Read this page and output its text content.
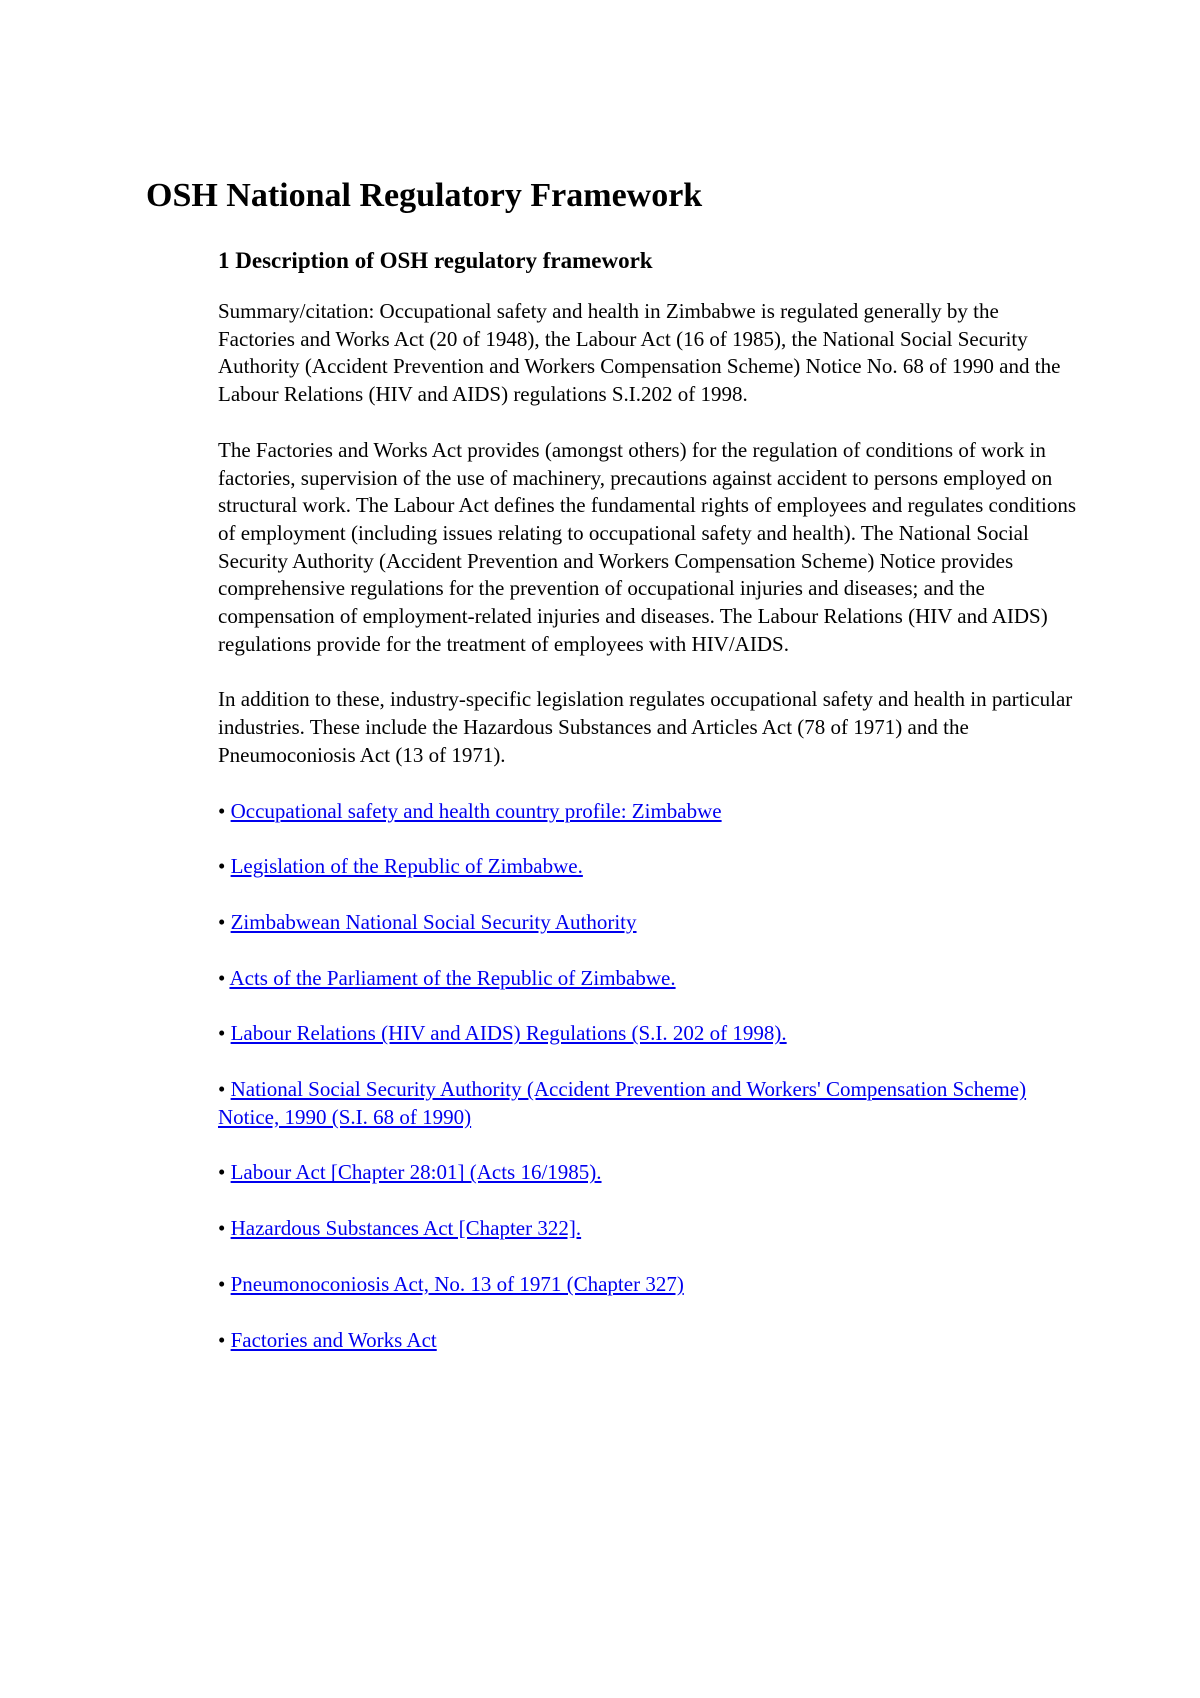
OSH National Regulatory Framework
1 Description of OSH regulatory framework

Summary/citation: Occupational safety and health in Zimbabwe is regulated generally by the Factories and Works Act (20 of 1948), the Labour Act (16 of 1985), the National Social Security Authority (Accident Prevention and Workers Compensation Scheme) Notice No. 68 of 1990 and the Labour Relations (HIV and AIDS) regulations S.I.202 of 1998.

The Factories and Works Act provides (amongst others) for the regulation of conditions of work in factories, supervision of the use of machinery, precautions against accident to persons employed on structural work. The Labour Act defines the fundamental rights of employees and regulates conditions of employment (including issues relating to occupational safety and health). The National Social Security Authority (Accident Prevention and Workers Compensation Scheme) Notice provides comprehensive regulations for the prevention of occupational injuries and diseases; and the compensation of employment-related injuries and diseases. The Labour Relations (HIV and AIDS) regulations provide for the treatment of employees with HIV/AIDS.

In addition to these, industry-specific legislation regulates occupational safety and health in particular industries. These include the Hazardous Substances and Articles Act (78 of 1971) and the Pneumoconiosis Act (13 of 1971).

• Occupational safety and health country profile: Zimbabwe
• Legislation of the Republic of Zimbabwe.
• Zimbabwean National Social Security Authority
• Acts of the Parliament of the Republic of Zimbabwe.
• Labour Relations (HIV and AIDS) Regulations (S.I. 202 of 1998).
• National Social Security Authority (Accident Prevention and Workers' Compensation Scheme) Notice, 1990 (S.I. 68 of 1990)
• Labour Act [Chapter 28:01] (Acts 16/1985).
• Hazardous Substances Act [Chapter 322].
• Pneumonoconiosis Act, No. 13 of 1971 (Chapter 327)
• Factories and Works Act
